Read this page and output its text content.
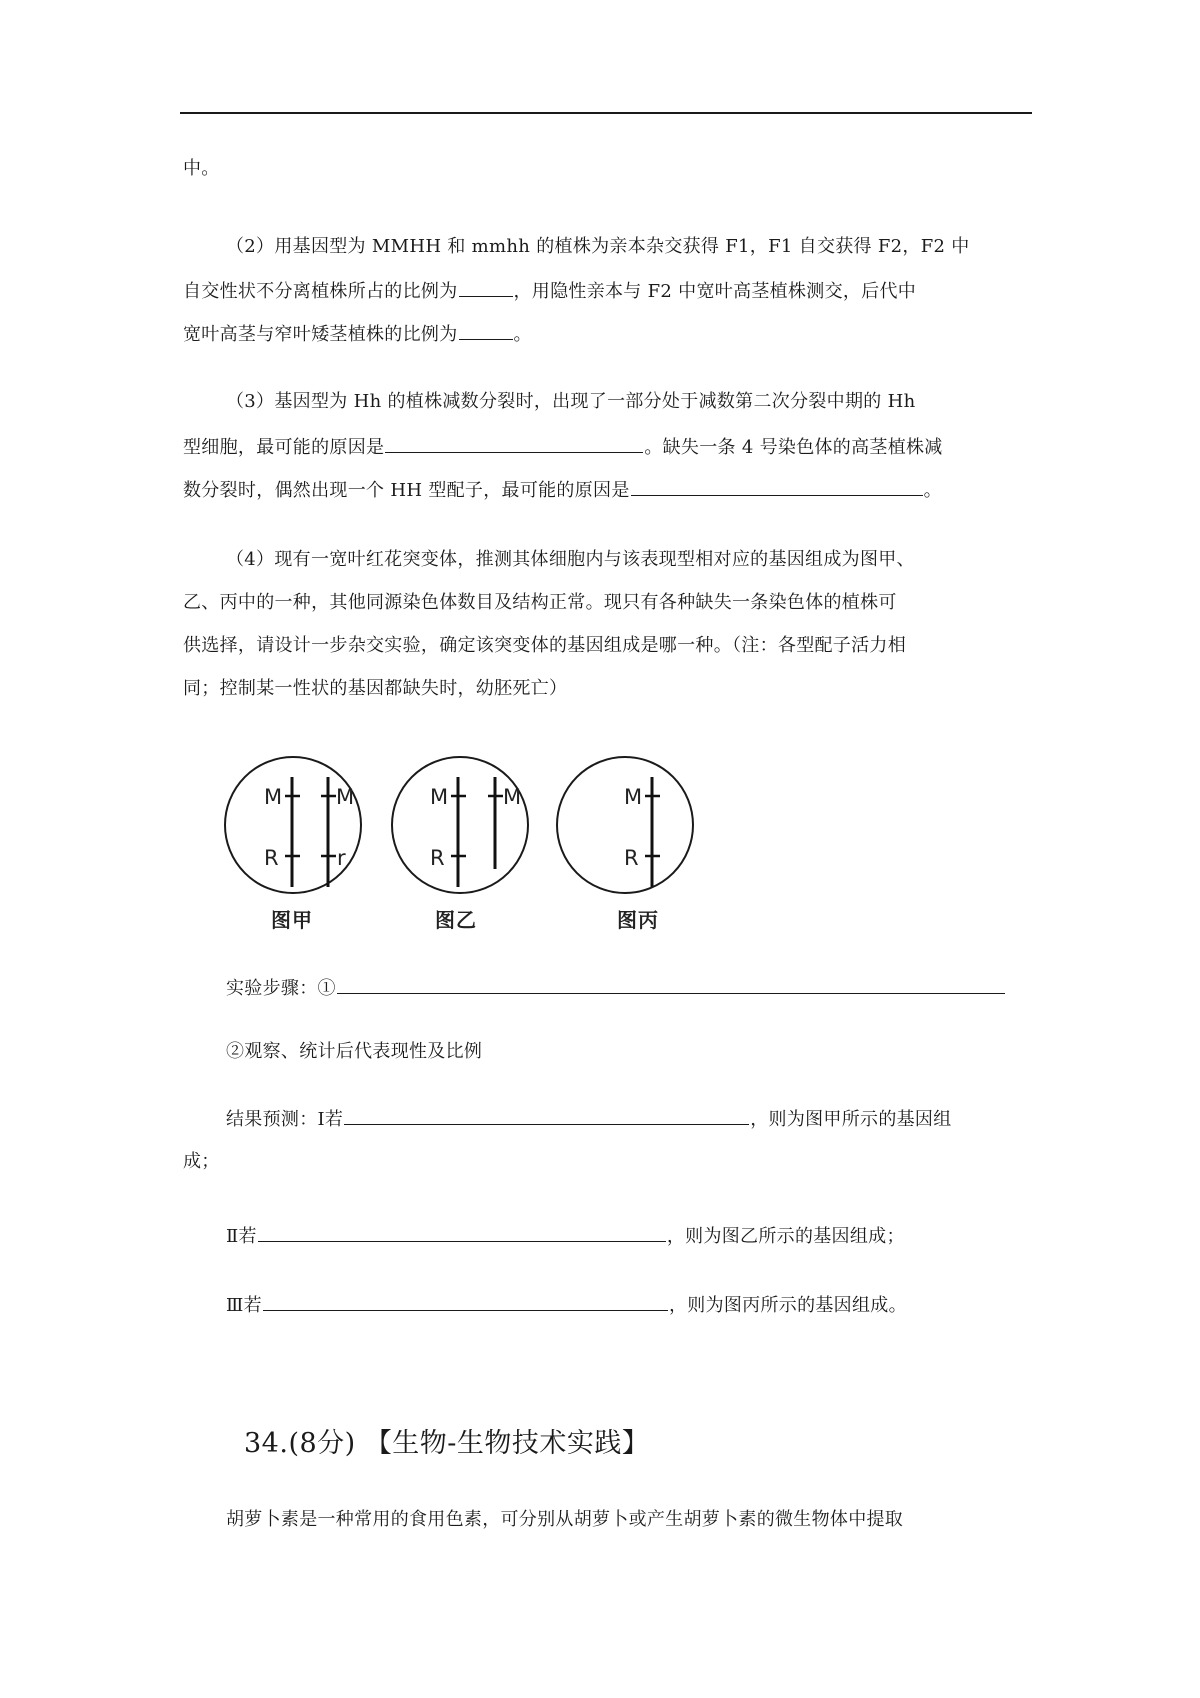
中。
（2）用基因型为 MMHH 和 mmhh 的植株为亲本杂交获得 F1，F1 自交获得 F2，F2 中
自交性状不分离植株所占的比例为	，用隐性亲本与 F2 中宽叶高茎植株测交，后代中
宽叶高茎与窄叶矮茎植株的比例为	。
（3）基因型为 Hh 的植株减数分裂时，出现了一部分处于减数第二次分裂中期的 Hh
型细胞，最可能的原因是	。缺失一条 4 号染色体的高茎植株减
数分裂时，偶然出现一个 HH 型配子，最可能的原因是	。
（4）现有一宽叶红花突变体，推测其体细胞内与该表现型相对应的基因组成为图甲、
乙、丙中的一种，其他同源染色体数目及结构正常。现只有各种缺失一条染色体的植株可
供选择，请设计一步杂交实验，确定该突变体的基因组成是哪一种。（注：各型配子活力相
同；控制某一性状的基因都缺失时，幼胚死亡）
M
R
M
r
M
R
M	M
R
图甲	图乙	图丙
实验步骤：①
②观察、统计后代表现性及比例
结果预测：Ⅰ若	，则为图甲所示的基因组
成；
Ⅱ若	，则为图乙所示的基因组成；
Ⅲ若	，则为图丙所示的基因组成。
34.(8分) 【生物-生物技术实践】
胡萝卜素是一种常用的食用色素，可分别从胡萝卜或产生胡萝卜素的微生物体中提取
